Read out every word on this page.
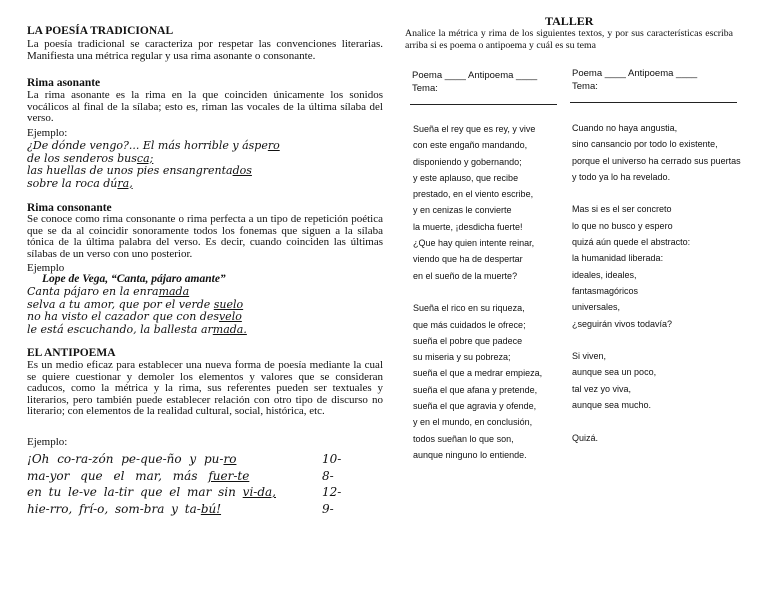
LA POESÍA TRADICIONAL
La poesía tradicional se caracteriza por respetar las convenciones literarias. Manifiesta una métrica regular y usa rima asonante o consonante.
Rima asonante
La rima asonante es la rima en la que coinciden únicamente los sonidos vocálicos al final de la sílaba; esto es, riman las vocales de la última sílaba del verso.
Ejemplo:
¿De dónde vengo?... El más horrible y áspero
de los senderos busca;
las huellas de unos pies ensangrentados
sobre la roca dúra,
Rima consonante
Se conoce como rima consonante o rima perfecta a un tipo de repetición poética que se da al coincidir sonoramente todos los fonemas que siguen a la sílaba tónica de la última palabra del verso. Es decir, cuando coinciden las últimas sílabas de un verso con uno posterior.
Ejemplo
Lope de Vega, “Canta, pájaro amante”
Canta pájaro en la enramada
selva a tu amor, que por el verde suelo
no ha visto el cazador que con desvelo
le está escuchando, la ballesta armada.
EL ANTIPOEMA
Es un medio eficaz para establecer una nueva forma de poesía mediante la cual se quiere cuestionar y demoler los elementos y valores que se consideran caducos, como la métrica y la rima, sus referentes pueden ser textuales y literarios, pero también puede establecer relación con otro tipo de discurso no literario; con elementos de la realidad cultural, social, histórica, etc.
Ejemplo:
¡Oh co-ra-zón pe-que-ño y pu-ro	10-
ma-yor que el mar, más fuer-te	8-
en tu le-ve la-tir que el mar sin vi-da,	12-
hie-rro, frí-o, som-bra y ta-bú!	9-
TALLER
Analice la métrica y rima de los siguientes textos, y por sus características escriba arriba si es poema o antipoema y cuál es su tema
Poema ____ Antipoema ____
Tema:
Sueña el rey que es rey, y vive
con este engaño mandando,
disponiendo y gobernando;
y este aplauso, que recibe
prestado, en el viento escribe,
y en cenizas le convierte
la muerte, ¡desdicha fuerte!
¿Que hay quien intente reinar,
viendo que ha de despertar
en el sueño de la muerte?

Sueña el rico en su riqueza,
que más cuidados le ofrece;
sueña el pobre que padece
su miseria y su pobreza;
sueña el que a medrar empieza,
sueña el que afana y pretende,
sueña el que agravia y ofende,
y en el mundo, en conclusión,
todos sueñan lo que son,
aunque ninguno lo entiende.
Poema ____ Antipoema ____
Tema:
Cuando no haya angustia,
sino cansancio por todo lo existente,
porque el universo ha cerrado sus puertas
y todo ya lo ha revelado.

Mas si es el ser concreto
lo que no busco y espero
quizá aún quede el abstracto:
la humanidad liberada:
ideales, ideales,
fantasmagóricos
universales,
¿seguirán vivos todavía?

Si viven,
aunque sea un poco,
tal vez yo viva,
aunque sea mucho.

Quizá.
